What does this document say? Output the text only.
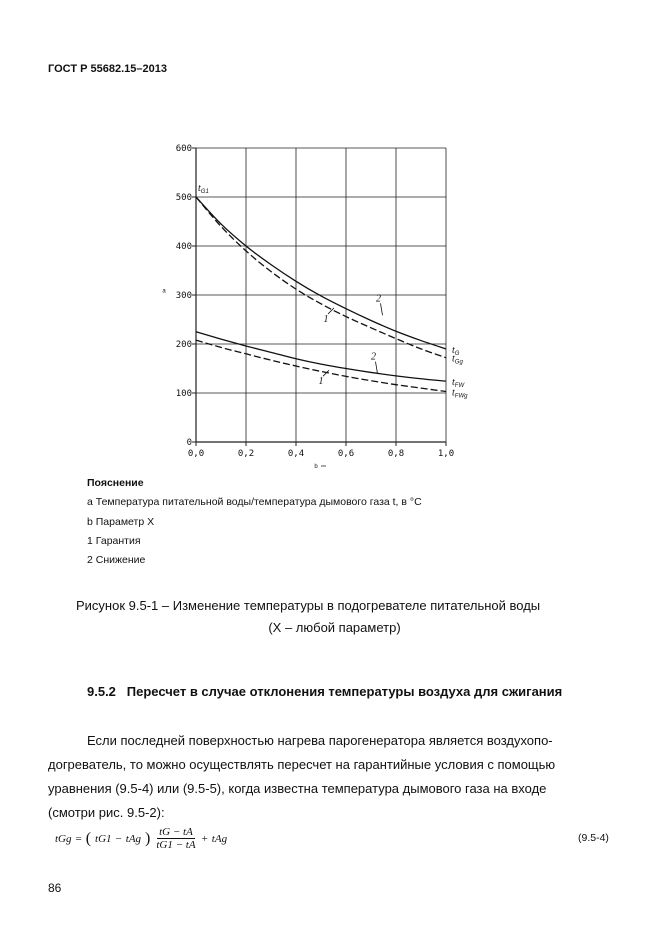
ГОСТ Р 55682.15–2013
0,0	0,2	0,4	0,6	0,8	1,0
0
100
200
300
400
500
600
b
a
$t_G$
$t_{Gg}$
$t_{FW}$
$t_{FWg}$
$t_{G1}$
2
1
2
1
Пояснение
a Температура питательной воды/температура дымового газа t, в °C
b Параметр X
1 Гарантия
2 Снижение
Рисунок 9.5-1 – Изменение температуры в подогревателе питательной воды
(X – любой параметр)
9.5.2 Пересчет в случае отклонения температуры воздуха для сжигания
Если последней поверхностью нагрева парогенератора является воздухопо-
догреватель, то можно осуществлять пересчет на гарантийные условия с помощью
уравнения (9.5-4) или (9.5-5), когда известна температура дымового газа на входе
(смотри рис. 9.5-2):
tGg = ( tG1 − tAg ) $\frac{tG - tA}{tG1 - tA}$ + tAg	(9.5-4)
86
